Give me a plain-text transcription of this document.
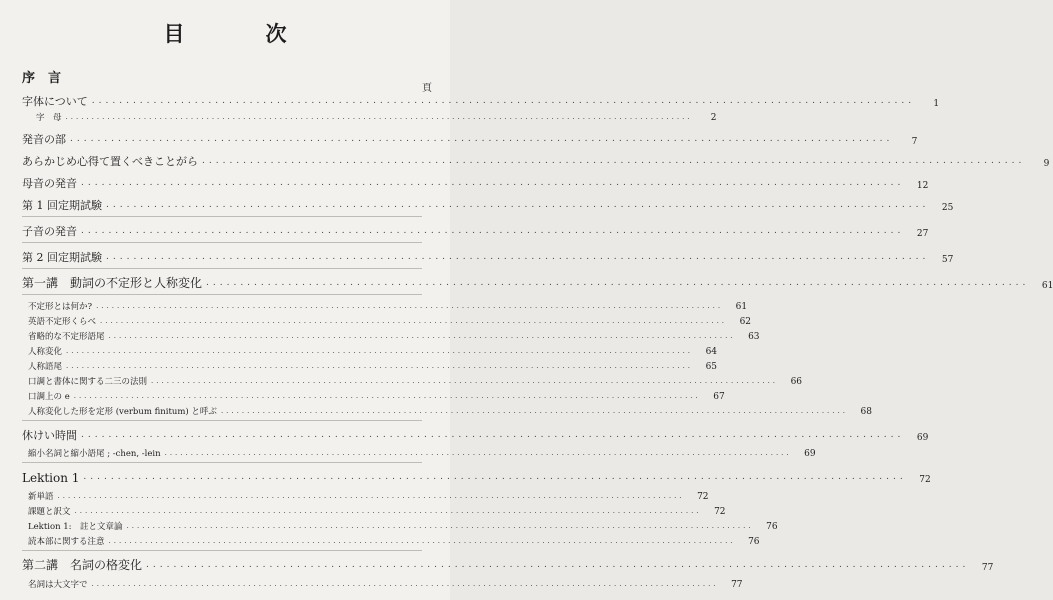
目　次
序　言
頁
字体について ........................................................................................................................	1
字　母 ........................................................................................................................	2
発音の部 ........................................................................................................................	7
あらかじめ心得て置くべきことがら ........................................................................................................................	9
母音の発音 ........................................................................................................................	12
第 1 回定期試験 ........................................................................................................................	25
子音の発音 ........................................................................................................................	27
第 2 回定期試験 ........................................................................................................................	57
第一講　動詞の不定形と人称変化 ........................................................................................................................	61
不定形とは何か? ........................................................................................................................	61
英語不定形くらべ ........................................................................................................................	62
省略的な不定形語尾 ........................................................................................................................	63
人称変化 ........................................................................................................................	64
人称語尾 ........................................................................................................................	65
口調と書体に関する二三の法則 ........................................................................................................................	66
口調上の e ........................................................................................................................	67
人称変化した形を定形 (verbum finitum) と呼ぶ ........................................................................................................................	68
休けい時間 ........................................................................................................................	69
縮小名詞と縮小語尾 ; -chen, -lein ........................................................................................................................	69
Lektion 1 ........................................................................................................................	72
新単語 ........................................................................................................................	72
課題と訳文 ........................................................................................................................	72
Lektion 1:　註と文章論 ........................................................................................................................	76
読本部に関する注意 ........................................................................................................................	76
第二講　名詞の格変化 ........................................................................................................................	77
名詞は大文字で ........................................................................................................................	77
